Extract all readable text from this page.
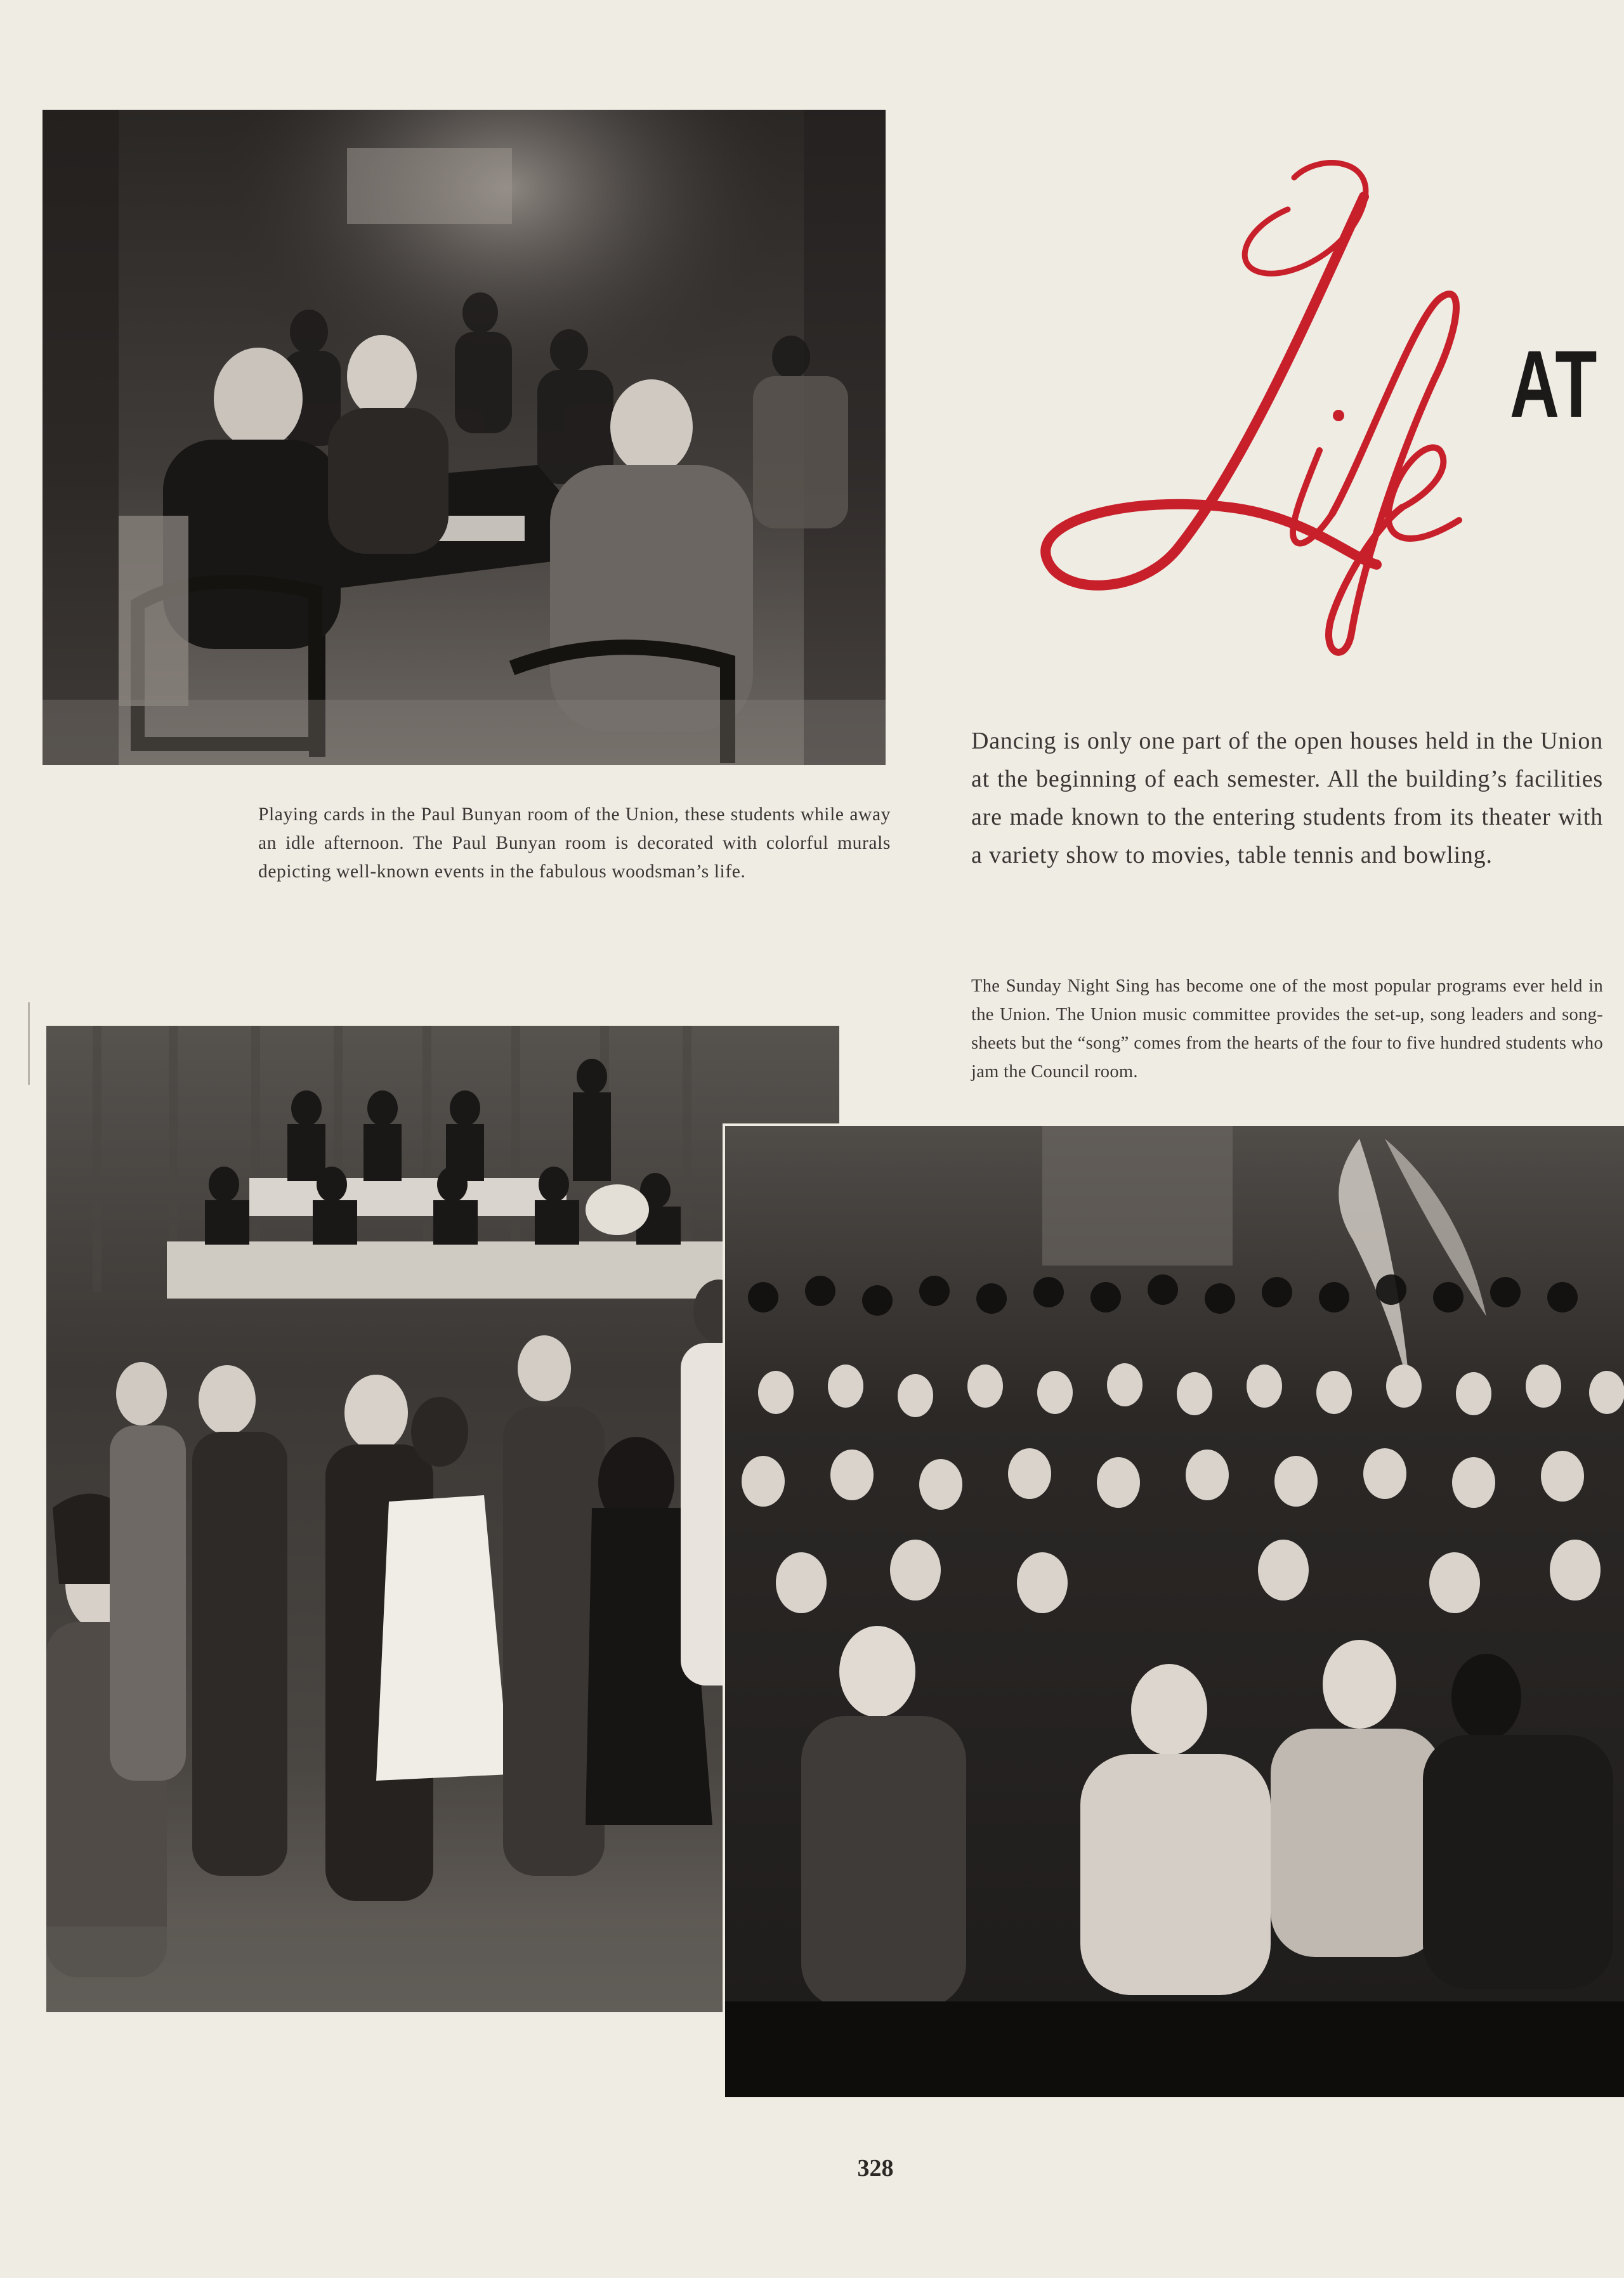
Life
AT
Playing cards in the Paul Bunyan room of the Union, these students while away an idle afternoon. The Paul Bunyan room is decorated with colorful murals depicting well-known events in the fabulous woodsman’s life.
Dancing is only one part of the open houses held in the Union at the beginning of each semester. All the building’s facilities are made known to the entering students from its theater with a variety show to movies, table tennis and bowling.
The Sunday Night Sing has become one of the most popular programs ever held in the Union. The Union music committee provides the set-up, song leaders and song-sheets but the “song” comes from the hearts of the four to five hundred students who jam the Council room.
328
